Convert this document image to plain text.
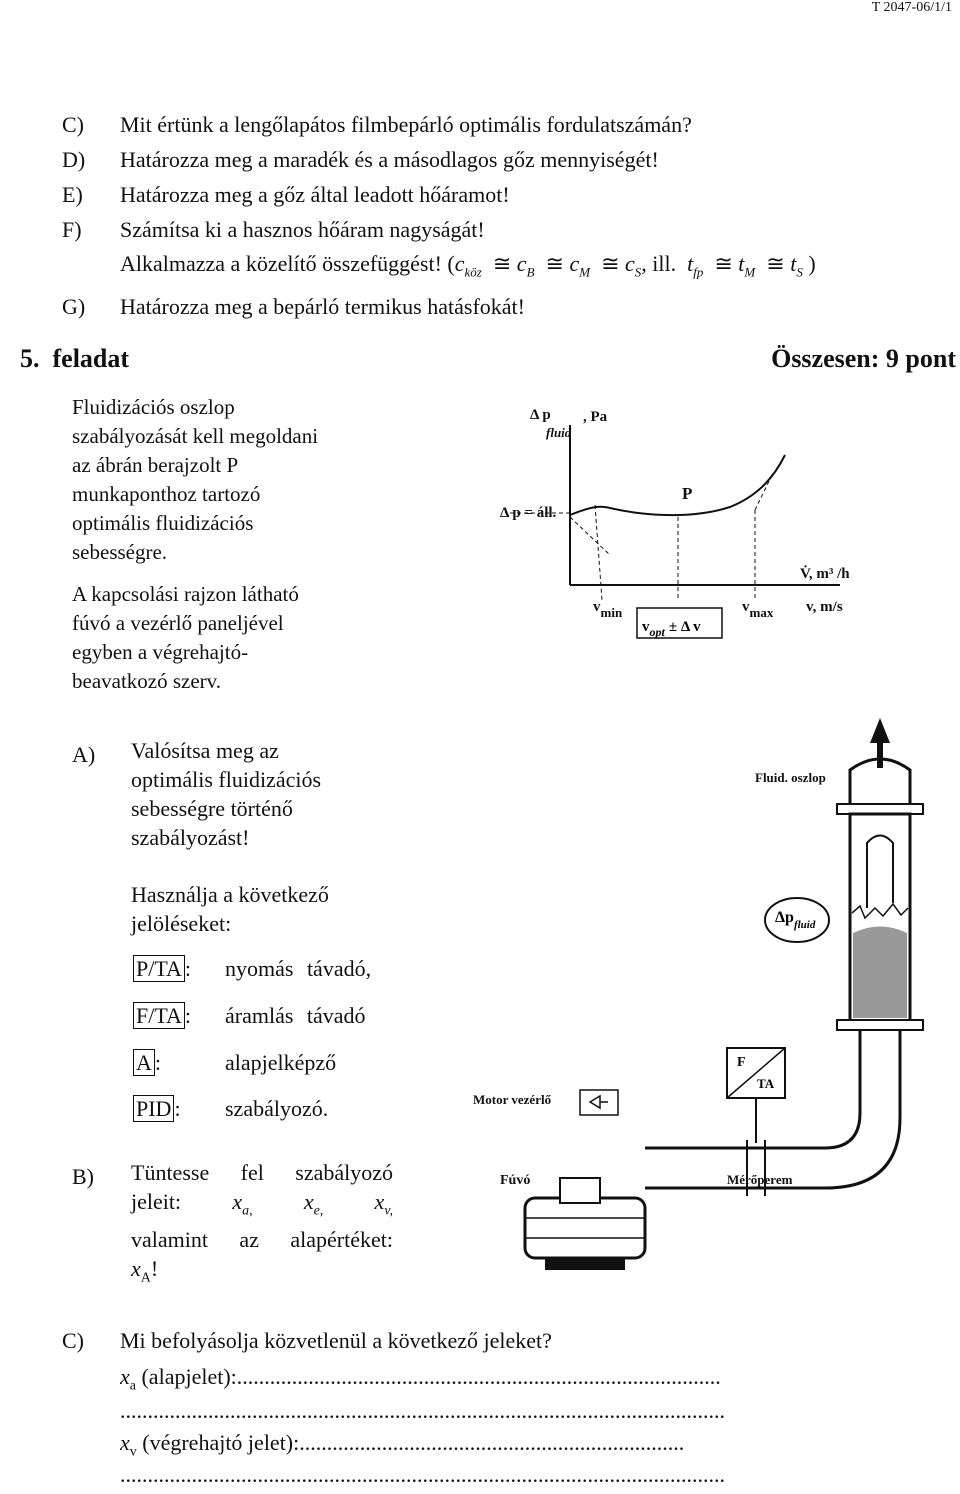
T 2047-06/1/1
C)	Mit értünk a lengőlapátos filmbepárló optimális fordulatszámán?
D)	Határozza meg a maradék és a másodlagos gőz mennyiségét!
E)	Határozza meg a gőz által leadott hőáramot!
F)	Számítsa ki a hasznos hőáram nagyságát!
Alkalmazza a közelítő összefüggést! ($c_{köz}$ ≅ $c_B$ ≅ $c_M$ ≅ $c_S$, ill. $t_{fp}$ ≅ $t_M$ ≅ $t_S$ )
G)	Határozza meg a bepárló termikus hatásfokát!
5. feladat	Összesen: 9 pont
Fluidizációs oszlop
szabályozását kell megoldani
az ábrán berajzolt P
munkaponthoz tartozó
optimális fluidizációs
sebességre.
A kapcsolási rajzon látható
fúvó a vezérlő paneljével
egyben a végrehajtó-
beavatkozó szerv.
Δ p
fluid
, Pa
Δ p = áll.
P
V̇, m³ /h
v, m/s
vmin	vmax
$v_{opt} \pm \Delta$ v
A) Valósítsa meg az
optimális fluidizációs
sebességre történő
szabályozást!
Használja a következő
jelöléseket:
P/TA : nyomás távadó,
F/TA : áramlás távadó
A :	alapjelképző
PID : szabályozó.
B) Tüntesse fel szabályozó
jeleit: $x_{a,}$ $x_{e,}$ $x_{v,}$
valamint az alapértéket:
$x_A$!
Fluid. oszlop
Motor vezérlő
Fúvó	Mérőperem
$\Delta p_{fluid}$
F
TA
C)	Mi befolyásolja közvetlenül a következő jeleket?
$x_a$ (alapjelet):........................................................................................
..............................................................................................................
$x_v$ (végrehajtó jelet):......................................................................
..............................................................................................................
